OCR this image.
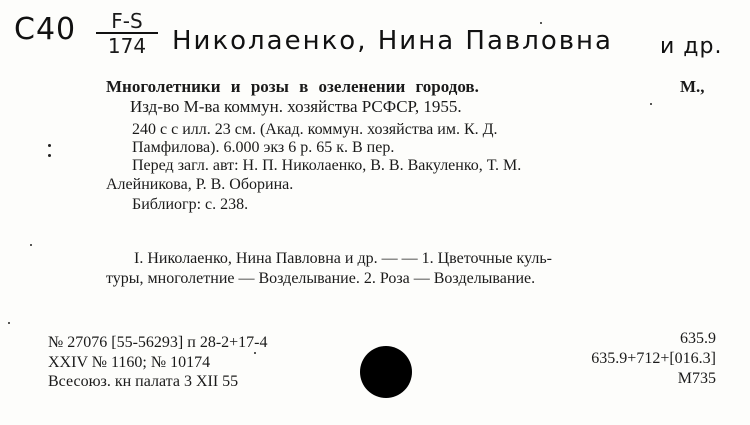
$C40 \frac{F-S}{174}$ Николаенко, Нина Павловна и др.
Многолетники и розы в озеленении городов.	М.,
Изд-во М-ва коммун. хозяйства РСФСР, 1955.
240 с с илл. 23 см. (Акад. коммун. хозяйства им. К. Д.
Памфилова). 6.000 экз 6 р. 65 к. В пер.
Перед загл. авт: Н. П. Николаенко, В. В. Вакуленко, Т. М.
Алейникова, Р. В. Оборина.
Библиогр: с. 238.
I. Николаенко, Нина Павловна и др. — — 1. Цветочные куль-
туры, многолетние — Возделывание. 2. Роза — Возделывание.
№ 27076 [55-56293] п 28-2+17-4
XXIV № 1160; № 10174
Всесоюз. кн палата 3 XII 55
635.9
635.9+712+[016.3]
M735
